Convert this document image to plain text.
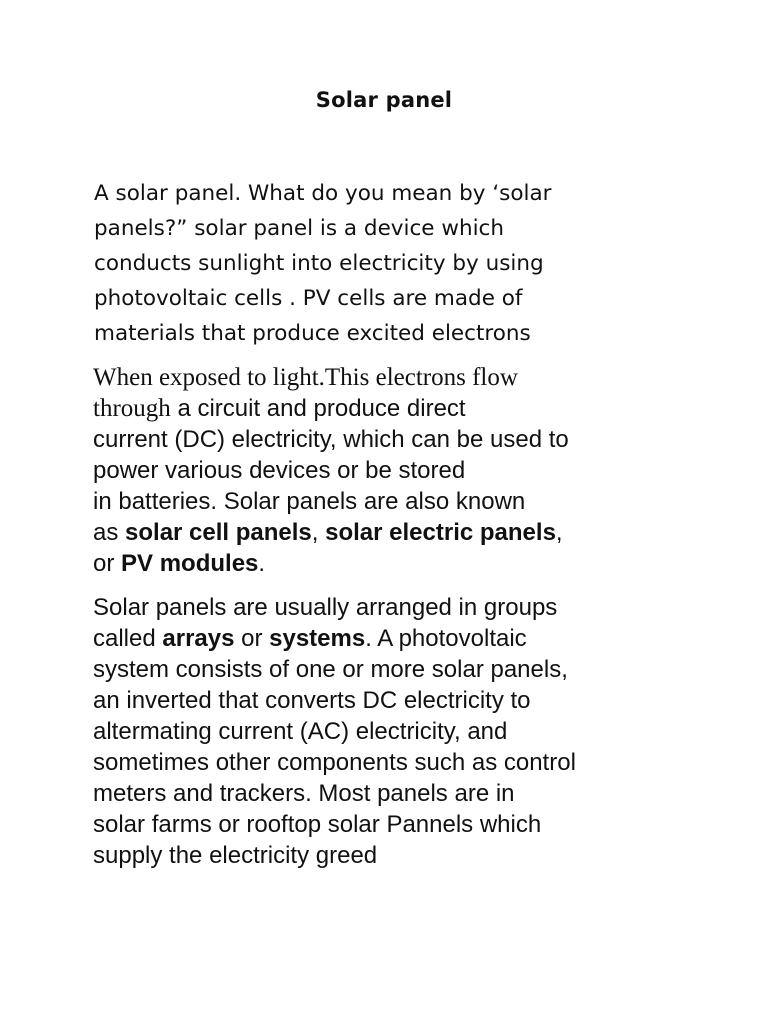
Solar panel
A solar panel. What do you mean by ‘solar
panels?” solar panel is a device which
conducts sunlight into electricity by using
photovoltaic cells . PV cells are made of
materials that produce excited electrons
When exposed to light.This electrons flow
through a circuit and produce direct
current (DC) electricity, which can be used to
power various devices or be stored
in batteries. Solar panels are also known
as solar cell panels, solar electric panels,
or PV modules.
Solar panels are usually arranged in groups
called arrays or systems. A photovoltaic
system consists of one or more solar panels,
an inverted that converts DC electricity to
altermating current (AC) electricity, and
sometimes other components such as control
meters and trackers. Most panels are in
solar farms or rooftop solar Pannels which
supply the electricity greed
